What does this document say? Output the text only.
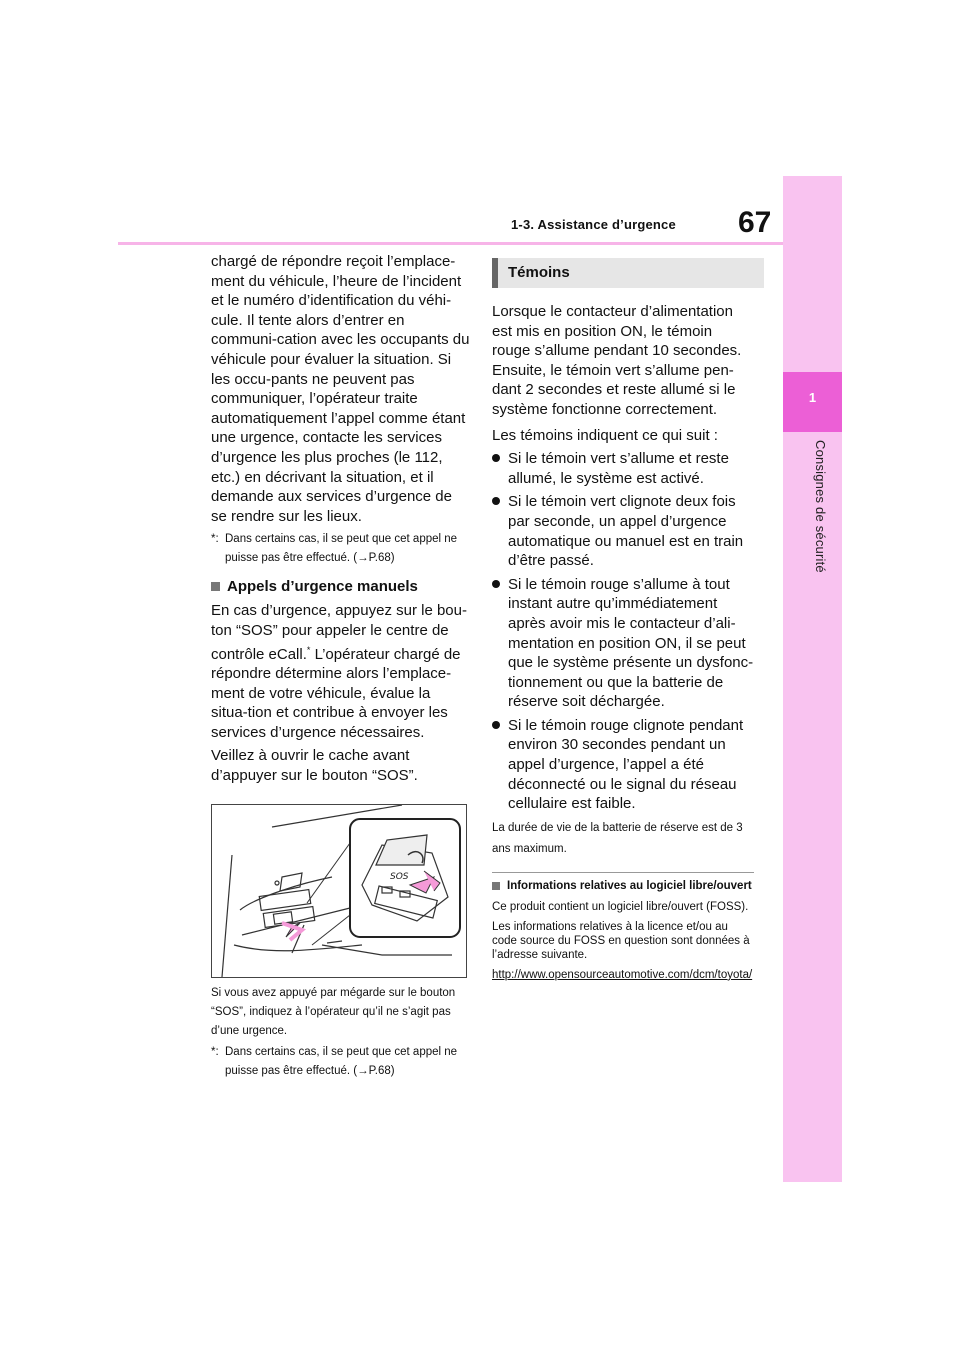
1-3. Assistance d’urgence 67
1
Consignes de sécurité

chargé de répondre reçoit l’emplace-ment du véhicule, l’heure de l’incident et le numéro d’identification du véhi-cule. Il tente alors d’entrer en communi-cation avec les occupants du véhicule pour évaluer la situation. Si les occu-pants ne peuvent pas communiquer, l’opérateur traite automatiquement l’appel comme étant une urgence, contacte les services d’urgence les plus proches (le 112, etc.) en décrivant la situation, et il demande aux services d’urgence de se rendre sur les lieux.

*: Dans certains cas, il se peut que cet appel ne puisse pas être effectué. (→P.68)
Appels d’urgence manuels

En cas d’urgence, appuyez sur le bou-ton “SOS” pour appeler le centre de contrôle eCall.* L’opérateur chargé de répondre détermine alors l’emplace-ment de votre véhicule, évalue la situa-tion et contribue à envoyer les services d’urgence nécessaires.

Veillez à ouvrir le cache avant d’appuyer sur le bouton “SOS”.

SOS

Si vous avez appuyé par mégarde sur le bouton “SOS”, indiquez à l’opérateur qu’il ne s’agit pas d’une urgence.

*: Dans certains cas, il se peut que cet appel ne puisse pas être effectué. (→P.68)
Témoins

Lorsque le contacteur d’alimentation est mis en position ON, le témoin rouge s’allume pendant 10 secondes. Ensuite, le témoin vert s’allume pen-dant 2 secondes et reste allumé si le système fonctionne correctement.

Les témoins indiquent ce qui suit :

Si le témoin vert s’allume et reste allumé, le système est activé.
Si le témoin vert clignote deux fois par seconde, un appel d’urgence automatique ou manuel est en train d’être passé.
Si le témoin rouge s’allume à tout instant autre qu’immédiatement après avoir mis le contacteur d’ali-mentation en position ON, il se peut que le système présente un dysfonc-tionnement ou que la batterie de réserve soit déchargée.
Si le témoin rouge clignote pendant environ 30 secondes pendant un appel d’urgence, l’appel a été déconnecté ou le signal du réseau cellulaire est faible.

La durée de vie de la batterie de réserve est de 3 ans maximum.

Informations relatives au logiciel libre/ouvert

Ce produit contient un logiciel libre/ouvert (FOSS).

Les informations relatives à la licence et/ou au code source du FOSS en question sont données à l’adresse suivante.

http://www.opensourceautomotive.com/dcm/toyota/
